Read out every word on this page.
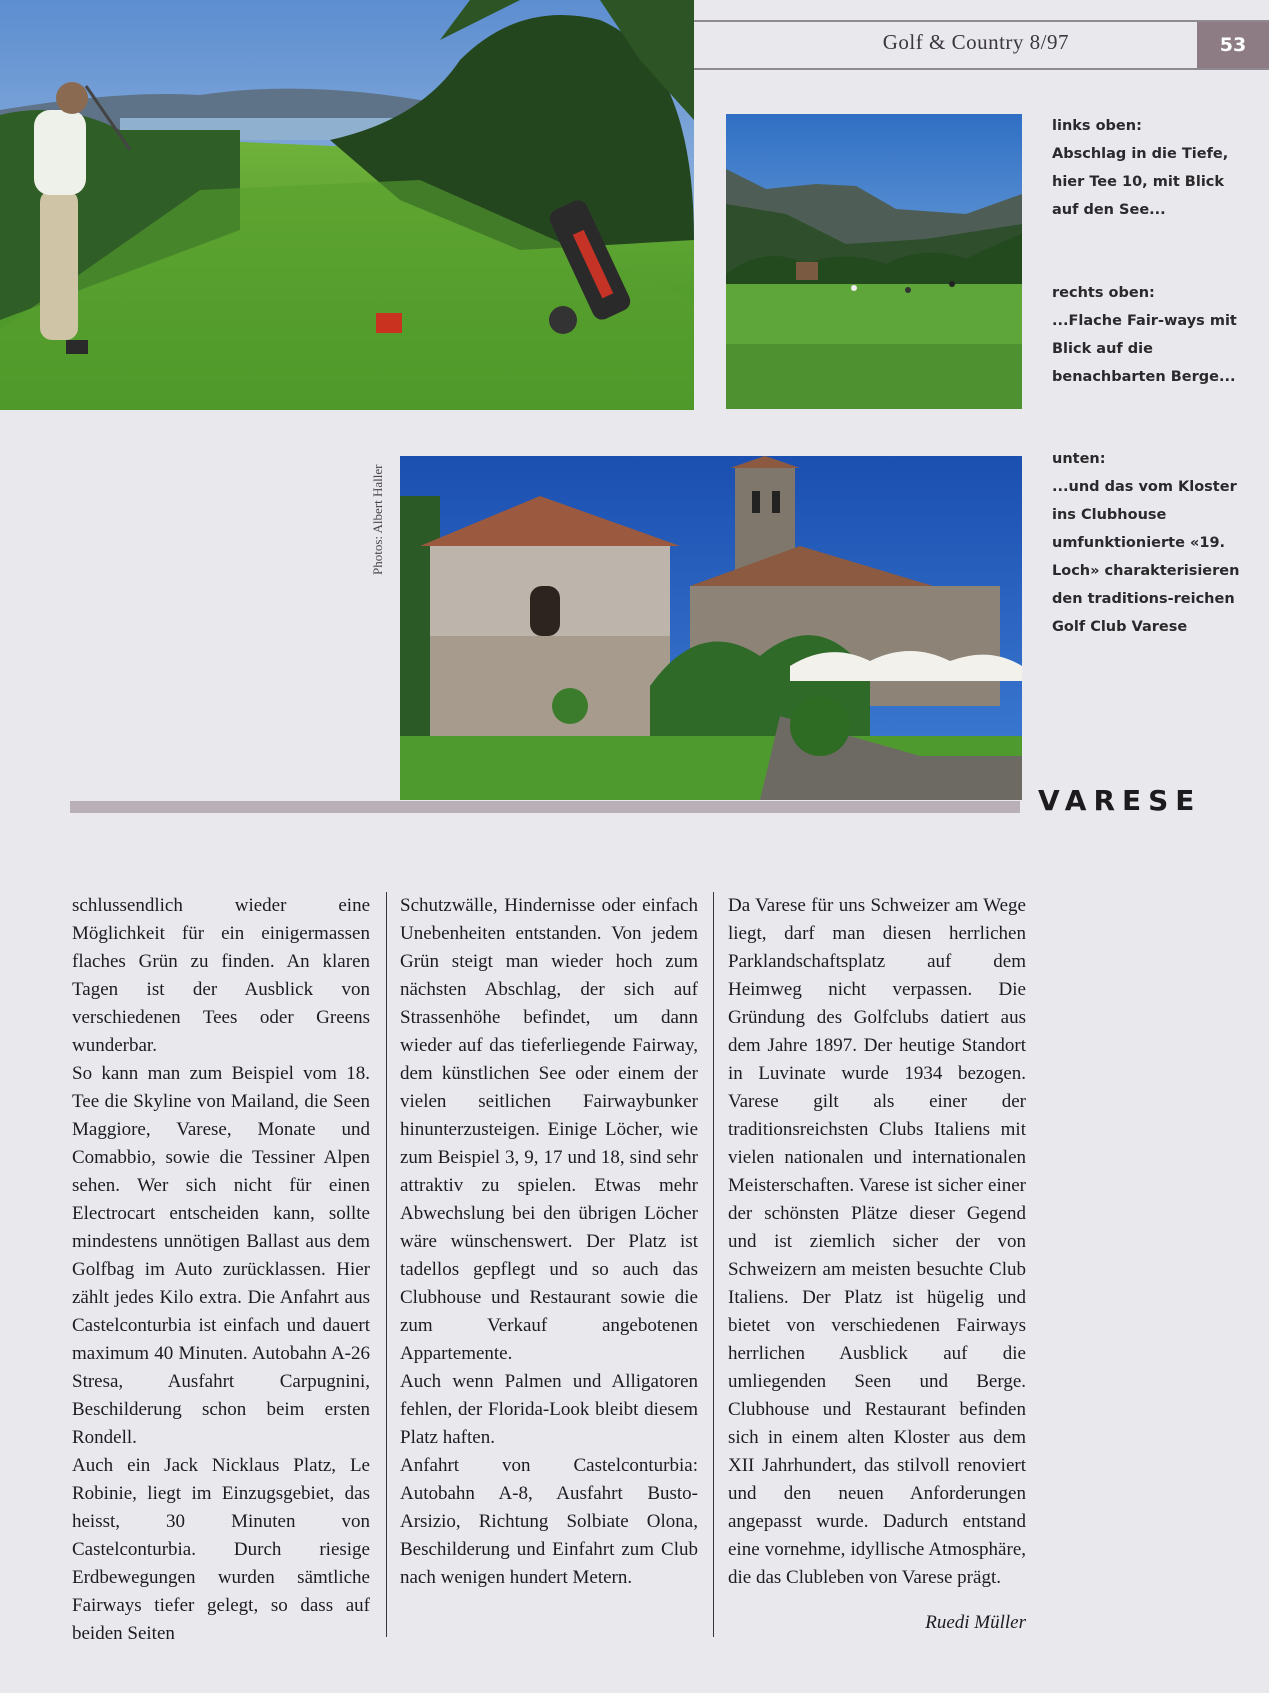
Golf & Country 8/97	53
links oben:
Abschlag in die Tiefe, hier Tee 10, mit Blick auf den See...
rechts oben:
...Flache Fair-ways mit Blick auf die benachbarten Berge...
unten:
...und das vom Kloster ins Clubhouse umfunktionierte «19. Loch» charakterisieren den traditions-reichen Golf Club Varese
Photos: Albert Haller
VARESE

schlussendlich wieder eine Möglichkeit für ein einigermassen flaches Grün zu finden. An klaren Tagen ist der Ausblick von verschiedenen Tees oder Greens wunderbar.

So kann man zum Beispiel vom 18. Tee die Skyline von Mailand, die Seen Maggiore, Varese, Monate und Comabbio, sowie die Tessiner Alpen sehen. Wer sich nicht für einen Electrocart entscheiden kann, sollte mindestens unnötigen Ballast aus dem Golfbag im Auto zurücklassen. Hier zählt jedes Kilo extra. Die Anfahrt aus Castelconturbia ist einfach und dauert maximum 40 Minuten. Autobahn A-26 Stresa, Ausfahrt Carpugnini, Beschilderung schon beim ersten Rondell.

Auch ein Jack Nicklaus Platz, Le Robinie, liegt im Einzugsgebiet, das heisst, 30 Minuten von Castelconturbia. Durch riesige Erdbewegungen wurden sämtliche Fairways tiefer gelegt, so dass auf beiden Seiten

Schutzwälle, Hindernisse oder einfach Unebenheiten entstanden. Von jedem Grün steigt man wieder hoch zum nächsten Abschlag, der sich auf Strassenhöhe befindet, um dann wieder auf das tieferliegende Fairway, dem künstlichen See oder einem der vielen seitlichen Fairwaybunker hinunterzusteigen. Einige Löcher, wie zum Beispiel 3, 9, 17 und 18, sind sehr attraktiv zu spielen. Etwas mehr Abwechslung bei den übrigen Löcher wäre wünschenswert. Der Platz ist tadellos gepflegt und so auch das Clubhouse und Restaurant sowie die zum Verkauf angebotenen Appartemente.

Auch wenn Palmen und Alligatoren fehlen, der Florida-Look bleibt diesem Platz haften.

Anfahrt von Castelconturbia: Autobahn A-8, Ausfahrt Busto-Arsizio, Richtung Solbiate Olona, Beschilderung und Einfahrt zum Club nach wenigen hundert Metern.

Da Varese für uns Schweizer am Wege liegt, darf man diesen herrlichen Parklandschaftsplatz auf dem Heimweg nicht verpassen. Die Gründung des Golfclubs datiert aus dem Jahre 1897. Der heutige Standort in Luvinate wurde 1934 bezogen. Varese gilt als einer der traditionsreichsten Clubs Italiens mit vielen nationalen und internationalen Meisterschaften. Varese ist sicher einer der schönsten Plätze dieser Gegend und ist ziemlich sicher der von Schweizern am meisten besuchte Club Italiens. Der Platz ist hügelig und bietet von verschiedenen Fairways herrlichen Ausblick auf die umliegenden Seen und Berge. Clubhouse und Restaurant befinden sich in einem alten Kloster aus dem XII Jahrhundert, das stilvoll renoviert und den neuen Anforderungen angepasst wurde. Dadurch entstand eine vornehme, idyllische Atmosphäre, die das Clubleben von Varese prägt.

Ruedi Müller
